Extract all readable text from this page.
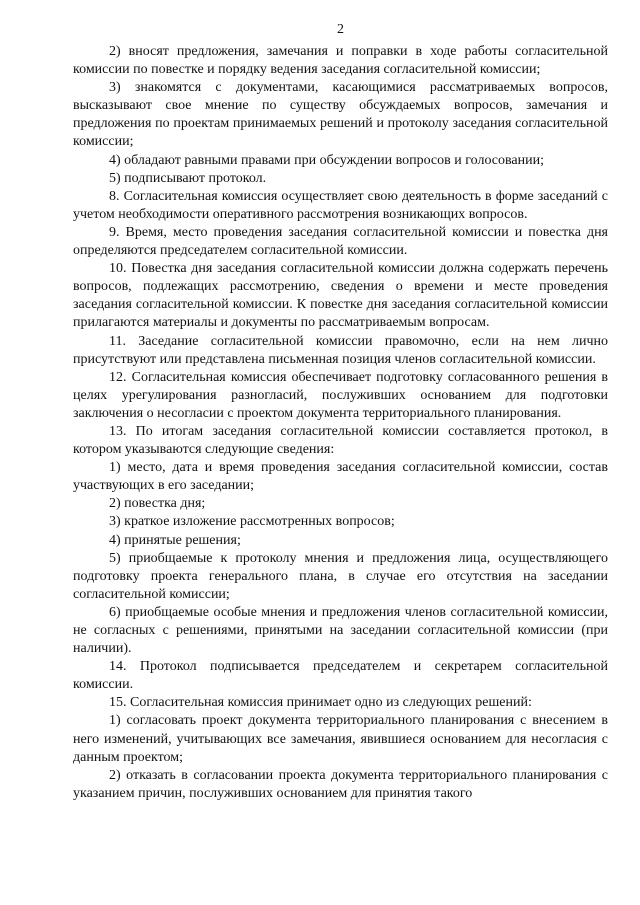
2

2) вносят предложения, замечания и поправки в ходе работы согласительной комиссии по повестке и порядку ведения заседания согласительной комиссии;

3) знакомятся с документами, касающимися рассматриваемых вопросов, высказывают свое мнение по существу обсуждаемых вопросов, замечания и предложения по проектам принимаемых решений и протоколу заседания согласительной комиссии;

4) обладают равными правами при обсуждении вопросов и голосовании;

5) подписывают протокол.

8. Согласительная комиссия осуществляет свою деятельность в форме заседаний с учетом необходимости оперативного рассмотрения возникающих вопросов.

9. Время, место проведения заседания согласительной комиссии и повестка дня определяются председателем согласительной комиссии.

10. Повестка дня заседания согласительной комиссии должна содержать перечень вопросов, подлежащих рассмотрению, сведения о времени и месте проведения заседания согласительной комиссии. К повестке дня заседания согласительной комиссии прилагаются материалы и документы по рассматриваемым вопросам.

11. Заседание согласительной комиссии правомочно, если на нем лично присутствуют или представлена письменная позиция членов согласительной комиссии.

12. Согласительная комиссия обеспечивает подготовку согласованного решения в целях урегулирования разногласий, послуживших основанием для подготовки заключения о несогласии с проектом документа территориального планирования.

13. По итогам заседания согласительной комиссии составляется протокол, в котором указываются следующие сведения:

1) место, дата и время проведения заседания согласительной комиссии, состав участвующих в его заседании;

2) повестка дня;

3) краткое изложение рассмотренных вопросов;

4) принятые решения;

5) приобщаемые к протоколу мнения и предложения лица, осуществляющего подготовку проекта генерального плана, в случае его отсутствия на заседании согласительной комиссии;

6) приобщаемые особые мнения и предложения членов согласительной комиссии, не согласных с решениями, принятыми на заседании согласительной комиссии (при наличии).

14. Протокол подписывается председателем и секретарем согласительной комиссии.

15. Согласительная комиссия принимает одно из следующих решений:

1) согласовать проект документа территориального планирования с внесением в него изменений, учитывающих все замечания, явившиеся основанием для несогласия с данным проектом;

2) отказать в согласовании проекта документа территориального планирования с указанием причин, послуживших основанием для принятия такого
